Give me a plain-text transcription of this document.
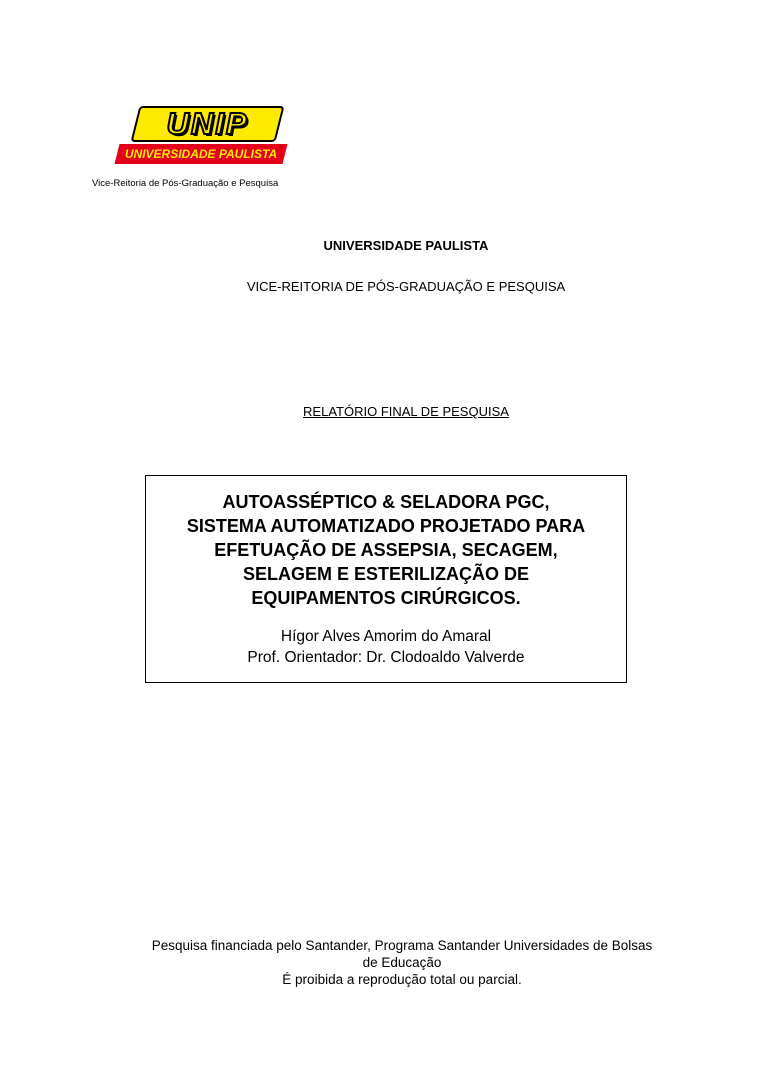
UNIP
UNIVERSIDADE PAULISTA
Vice-Reitoria de Pós-Graduação e Pesquisa
UNIVERSIDADE PAULISTA
VICE-REITORIA DE PÓS-GRADUAÇÃO E PESQUISA
RELATÓRIO FINAL DE PESQUISA
AUTOASSÉPTICO & SELADORA PGC,
SISTEMA AUTOMATIZADO PROJETADO PARA
EFETUAÇÃO DE ASSEPSIA, SECAGEM,
SELAGEM E ESTERILIZAÇÃO DE
EQUIPAMENTOS CIRÚRGICOS.
Hígor Alves Amorim do Amaral
Prof. Orientador: Dr. Clodoaldo Valverde
Pesquisa financiada pelo Santander, Programa Santander Universidades de Bolsas
de Educação
É proibida a reprodução total ou parcial.
